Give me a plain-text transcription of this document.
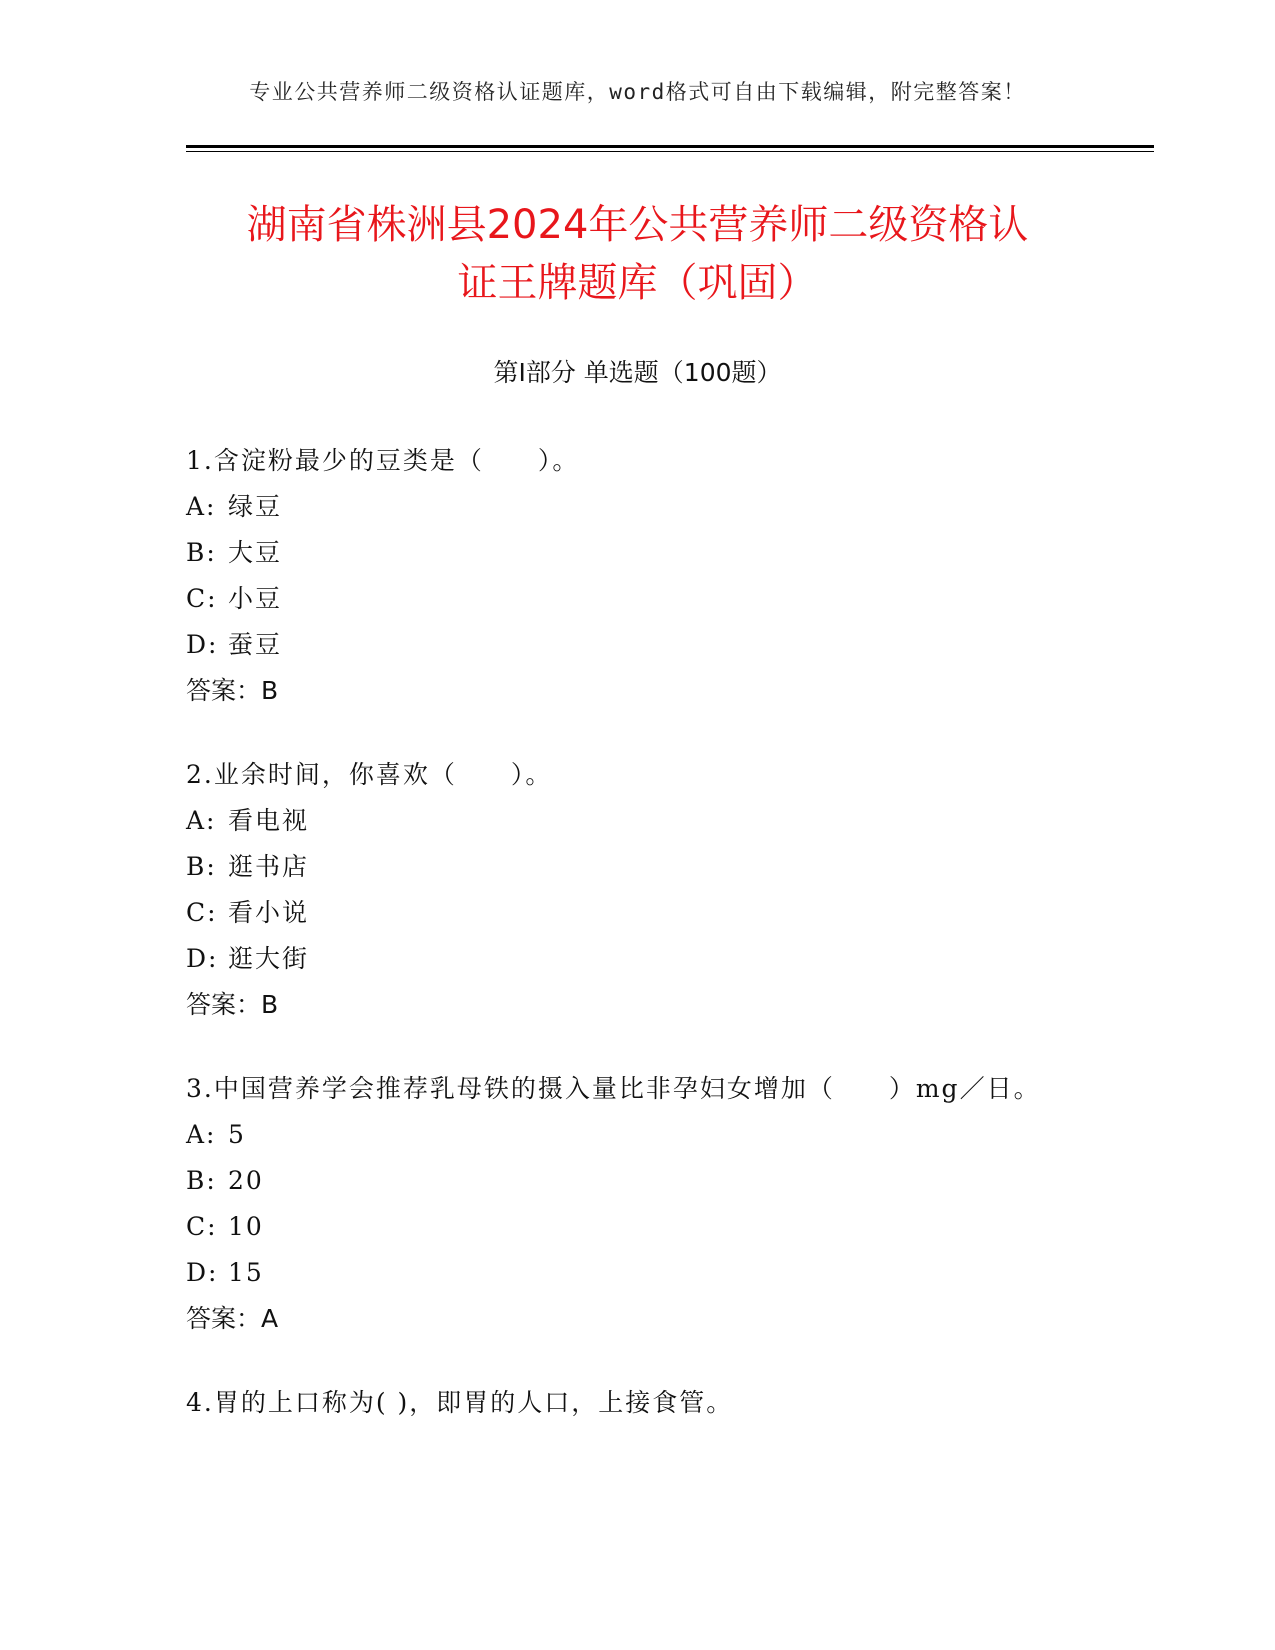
专业公共营养师二级资格认证题库，word格式可自由下载编辑，附完整答案！
湖南省株洲县2024年公共营养师二级资格认
证王牌题库（巩固）
第Ⅰ部分 单选题（100题）
1.含淀粉最少的豆类是（　　）。
A: 绿豆
B: 大豆
C: 小豆
D: 蚕豆
答案：B
2.业余时间，你喜欢（　　）。
A: 看电视
B: 逛书店
C: 看小说
D: 逛大街
答案：B
3.中国营养学会推荐乳母铁的摄入量比非孕妇女增加（　　）mg／日。
A: 5
B: 20
C: 10
D: 15
答案：A
4.胃的上口称为( )，即胃的人口，上接食管。
